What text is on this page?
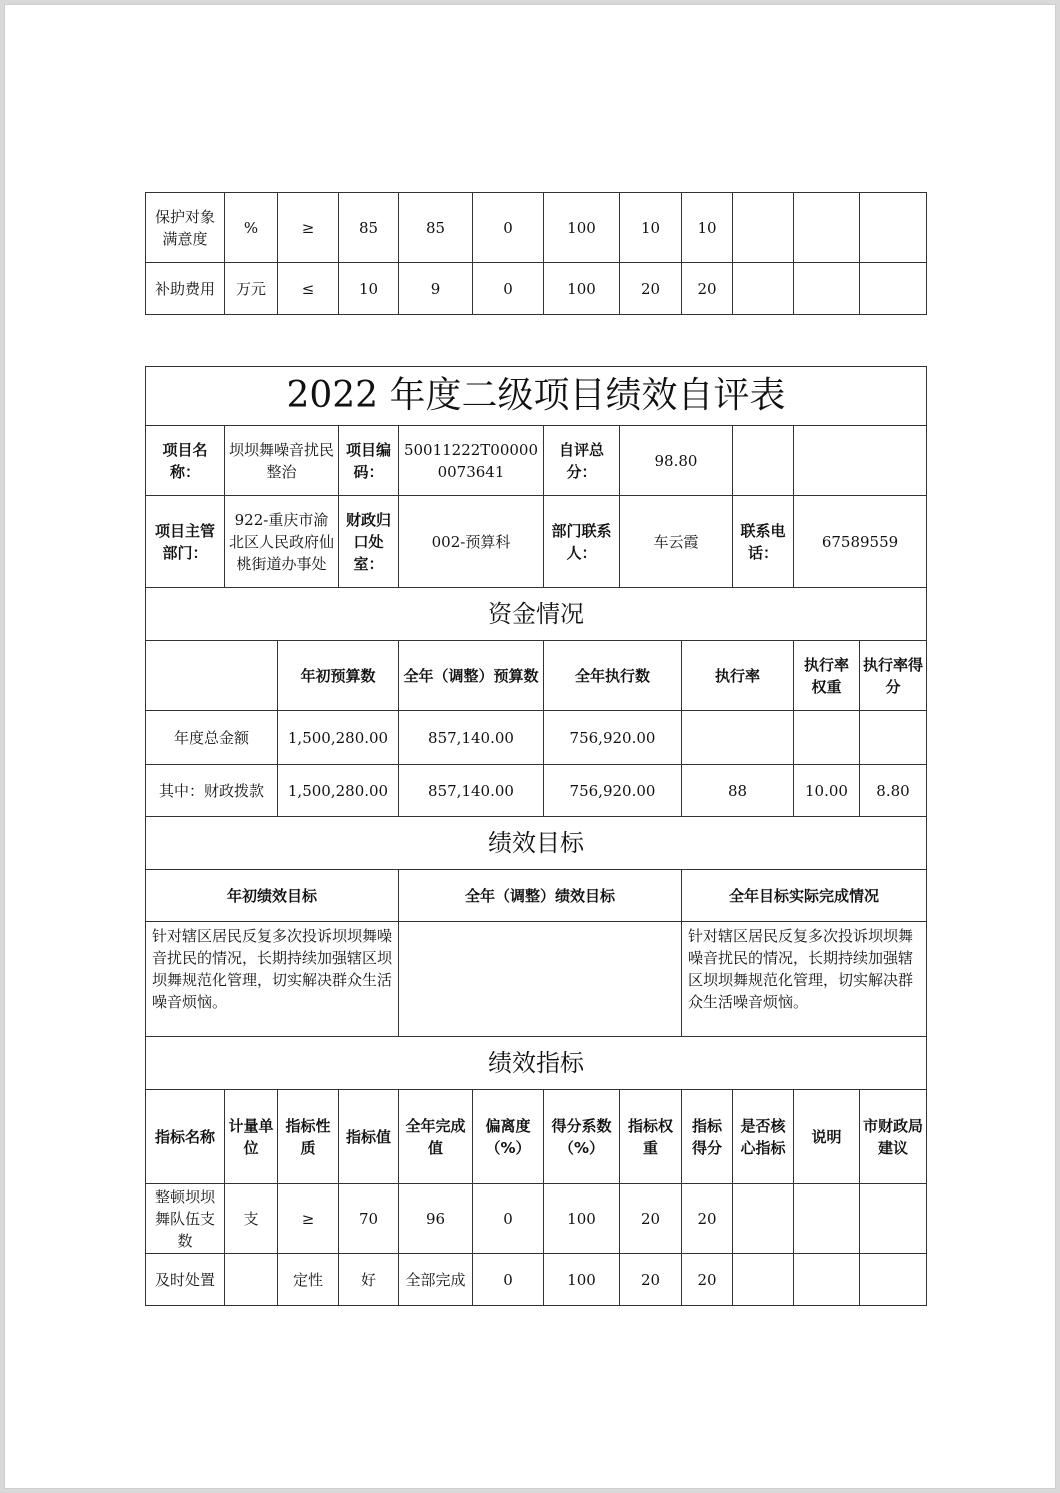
保护对象满意度	%	≥	85	85	0	100	10	10			
补助费用	万元	≤	10	9	0	100	20	20			
2022 年度二级项目绩效自评表											
项目名称：	坝坝舞噪音扰民整治		项目编码：	50011222T000000073641		自评总分：	98.80				
项目主管部门：	922-重庆市渝北区人民政府仙桃街道办事处		财政归口处室：	002-预算科		部门联系人：	车云霞		联系电话：	67589559	
资金情况											
		年初预算数		全年（调整）预算数		全年执行数		执行率		执行率权重	执行率得分
年度总金额		1,500,280.00		857,140.00		756,920.00					
其中：财政拨款		1,500,280.00		857,140.00		756,920.00		88		10.00	8.80
绩效目标											
年初绩效目标				全年（调整）绩效目标				全年目标实际完成情况			
针对辖区居民反复多次投诉坝坝舞噪音扰民的情况，长期持续加强辖区坝坝舞规范化管理，切实解决群众生活噪音烦恼。								针对辖区居民反复多次投诉坝坝舞噪音扰民的情况，长期持续加强辖区坝坝舞规范化管理，切实解决群众生活噪音烦恼。			
绩效指标											
指标名称	计量单位	指标性质	指标值	全年完成值	偏离度（%）	得分系数（%）	指标权重	指标得分	是否核心指标	说明	市财政局建议
整顿坝坝舞队伍支数	支	≥	70	96	0	100	20	20			
及时处置		定性	好	全部完成	0	100	20	20			
